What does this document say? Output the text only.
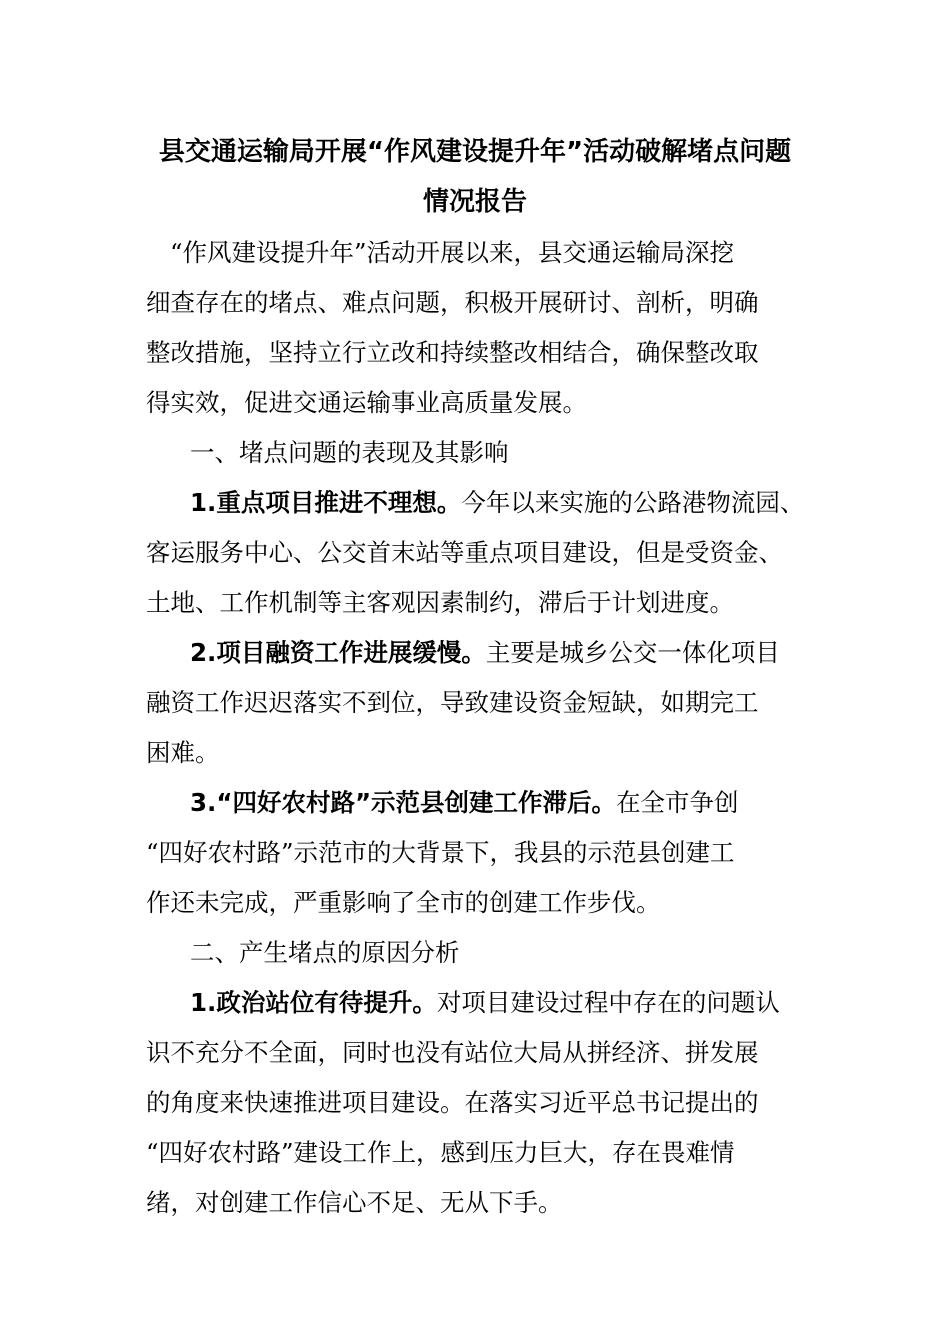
县交通运输局开展“作风建设提升年”活动破解堵点问题
情况报告
“作风建设提升年”活动开展以来，县交通运输局深挖
细查存在的堵点、难点问题，积极开展研讨、剖析，明确
整改措施，坚持立行立改和持续整改相结合，确保整改取
得实效，促进交通运输事业高质量发展。
一、堵点问题的表现及其影响
1.重点项目推进不理想。今年以来实施的公路港物流园、
客运服务中心、公交首末站等重点项目建设，但是受资金、
土地、工作机制等主客观因素制约，滞后于计划进度。
2.项目融资工作进展缓慢。主要是城乡公交一体化项目
融资工作迟迟落实不到位，导致建设资金短缺，如期完工
困难。
3.“四好农村路”示范县创建工作滞后。在全市争创
“四好农村路”示范市的大背景下，我县的示范县创建工
作还未完成，严重影响了全市的创建工作步伐。
二、产生堵点的原因分析
1.政治站位有待提升。对项目建设过程中存在的问题认
识不充分不全面，同时也没有站位大局从拼经济、拼发展
的角度来快速推进项目建设。在落实习近平总书记提出的
“四好农村路”建设工作上，感到压力巨大，存在畏难情
绪，对创建工作信心不足、无从下手。
